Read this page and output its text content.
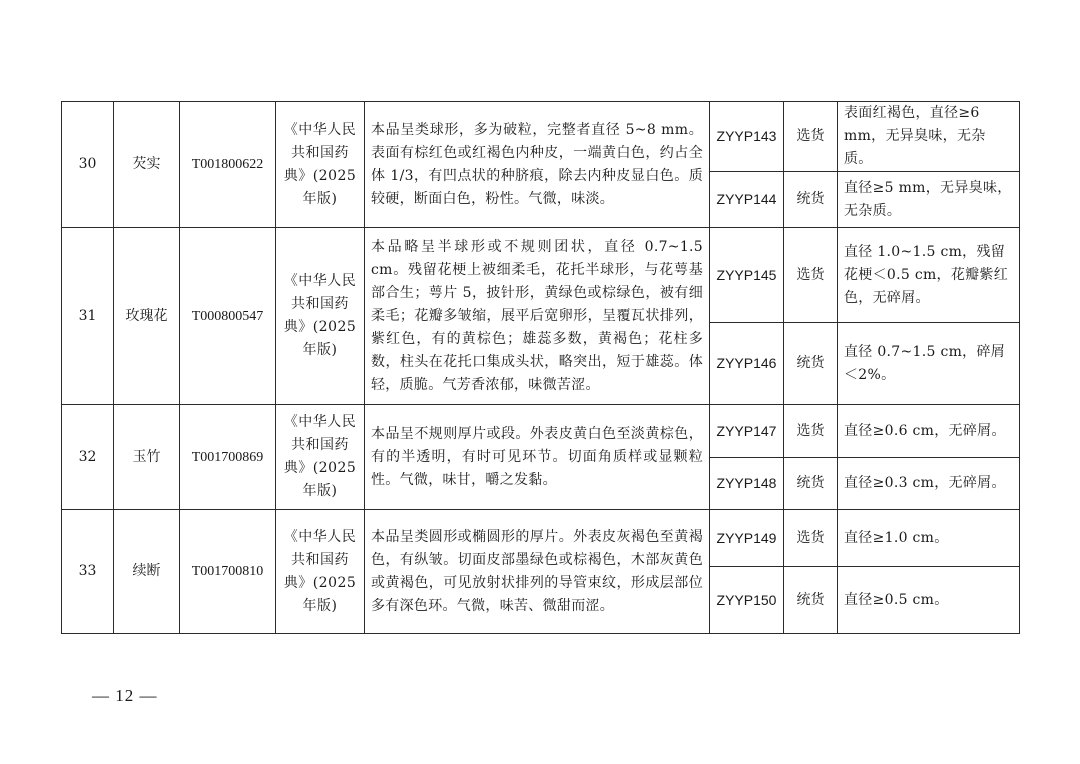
30	芡实	T001800622	《中华人民共和国药典》(2025 年版)	本品呈类球形，多为破粒，完整者直径 5~8 mm。表面有棕红色或红褐色内种皮，一端黄白色，约占全体 1/3，有凹点状的种脐痕，除去内种皮显白色。质较硬，断面白色，粉性。气微，味淡。	ZYYP143	选货	表面红褐色，直径≥6 mm，无异臭味，无杂质。
					ZYYP144	统货	直径≥5 mm，无异臭味，无杂质。
31	玫瑰花	T000800547	《中华人民共和国药典》(2025 年版)	本品略呈半球形或不规则团状，直径 0.7~1.5 cm。残留花梗上被细柔毛，花托半球形，与花萼基部合生；萼片 5，披针形，黄绿色或棕绿色，被有细柔毛；花瓣多皱缩，展平后宽卵形，呈覆瓦状排列，紫红色，有的黄棕色；雄蕊多数，黄褐色；花柱多数，柱头在花托口集成头状，略突出，短于雄蕊。体轻，质脆。气芳香浓郁，味微苦涩。	ZYYP145	选货	直径 1.0~1.5 cm，残留花梗＜0.5 cm，花瓣紫红色，无碎屑。
					ZYYP146	统货	直径 0.7~1.5 cm，碎屑＜2%。
32	玉竹	T001700869	《中华人民共和国药典》(2025 年版)	本品呈不规则厚片或段。外表皮黄白色至淡黄棕色，有的半透明，有时可见环节。切面角质样或显颗粒性。气微，味甘，嚼之发黏。	ZYYP147	选货	直径≥0.6 cm，无碎屑。
					ZYYP148	统货	直径≥0.3 cm，无碎屑。
33	续断	T001700810	《中华人民共和国药典》(2025 年版)	本品呈类圆形或椭圆形的厚片。外表皮灰褐色至黄褐色，有纵皱。切面皮部墨绿色或棕褐色，木部灰黄色或黄褐色，可见放射状排列的导管束纹，形成层部位多有深色环。气微，味苦、微甜而涩。	ZYYP149	选货	直径≥1.0 cm。
					ZYYP150	统货	直径≥0.5 cm。
— 12 —
